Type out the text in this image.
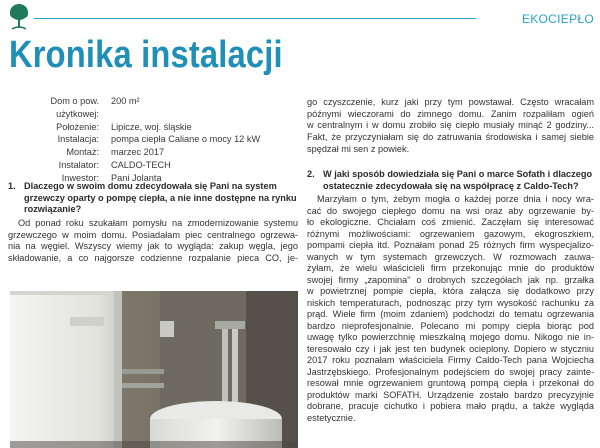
EKOCIEPŁO
Kronika instalacji
Dom o pow. użytkowej:
200 m²
Położenie:	Lipicze, woj. śląskie
Instalacja:	pompa ciepła Caliane o mocy 12 kW
Montaż:	marzec 2017
Instalator:	CALDO-TECH
Inwestor:	Pani Jolanta
1. Dlaczego w swoim domu zdecydowała się Pani na system
grzewczy oparty o pompę ciepła, a nie inne dostępne na rynku
rozwiązanie?
Od ponad roku szukałam pomysłu na zmodernizowanie systemu
grzewczego w moim domu. Posiadałam piec centralnego ogrzewa-
nia na węgiel. Wszyscy wiemy jak to wygląda: zakup węgla, jego
składowanie, a co najgorsze codzienne rozpalanie pieca CO, je-
go czyszczenie, kurz jaki przy tym powstawał. Często wracałam
późnymi wieczorami do zimnego domu. Zanim rozpaliłam ogień
w centralnym i w domu zrobiło się ciepło musiały minąć 2 godziny...
Fakt, że przyczyniałam się do zatruwania środowiska i samej siebie
spędzał mi sen z powiek.
2. W jaki sposób dowiedziała się Pani o marce Sofath i dlaczego
ostatecznie zdecydowała się na współpracę z Caldo-Tech?
Marzyłam o tym, żebym mogła o każdej porze dnia i nocy wra-
cać do swojego ciepłego domu na wsi oraz aby ogrzewanie by-
ło ekologiczne. Chciałam coś zmienić. Zaczęłam się interesować
różnymi możliwościami: ogrzewaniem gazowym, ekogroszkiem,
pompami ciepła itd. Poznałam ponad 25 różnych firm wyspecjalizo-
wanych w tym systemach grzewczych. W rozmowach zauwa-
żyłam, że wielu właścicieli firm przekonując mnie do produktów
swojej firmy „zapomina" o drobnych szczegółach jak np. grzałka
w powietrznej pompie ciepła, która załącza się dodatkowo przy
niskich temperaturach, podnosząc przy tym wysokość rachunku za
prąd. Wiele firm (moim zdaniem) podchodzi do tematu ogrzewania
bardzo nieprofesjonalnie. Polecano mi pompy ciepła biorąc pod
uwagę tylko powierzchnię mieszkalną mojego domu. Nikogo nie in-
teresowało czy i jak jest ten budynek ocieplony. Dopiero w styczniu
2017 roku poznałam właściciela Firmy Caldo-Tech pana Wojciecha
Jastrzębskiego. Profesjonalnym podejściem do swojej pracy zainte-
resował mnie ogrzewaniem gruntową pompą ciepła i przekonał do
produktów marki SOFATH. Urządzenie zostało bardzo precyzyjnie
dobrane, pracuje cichutko i pobiera mało prądu, a także wygląda
estetycznie.
